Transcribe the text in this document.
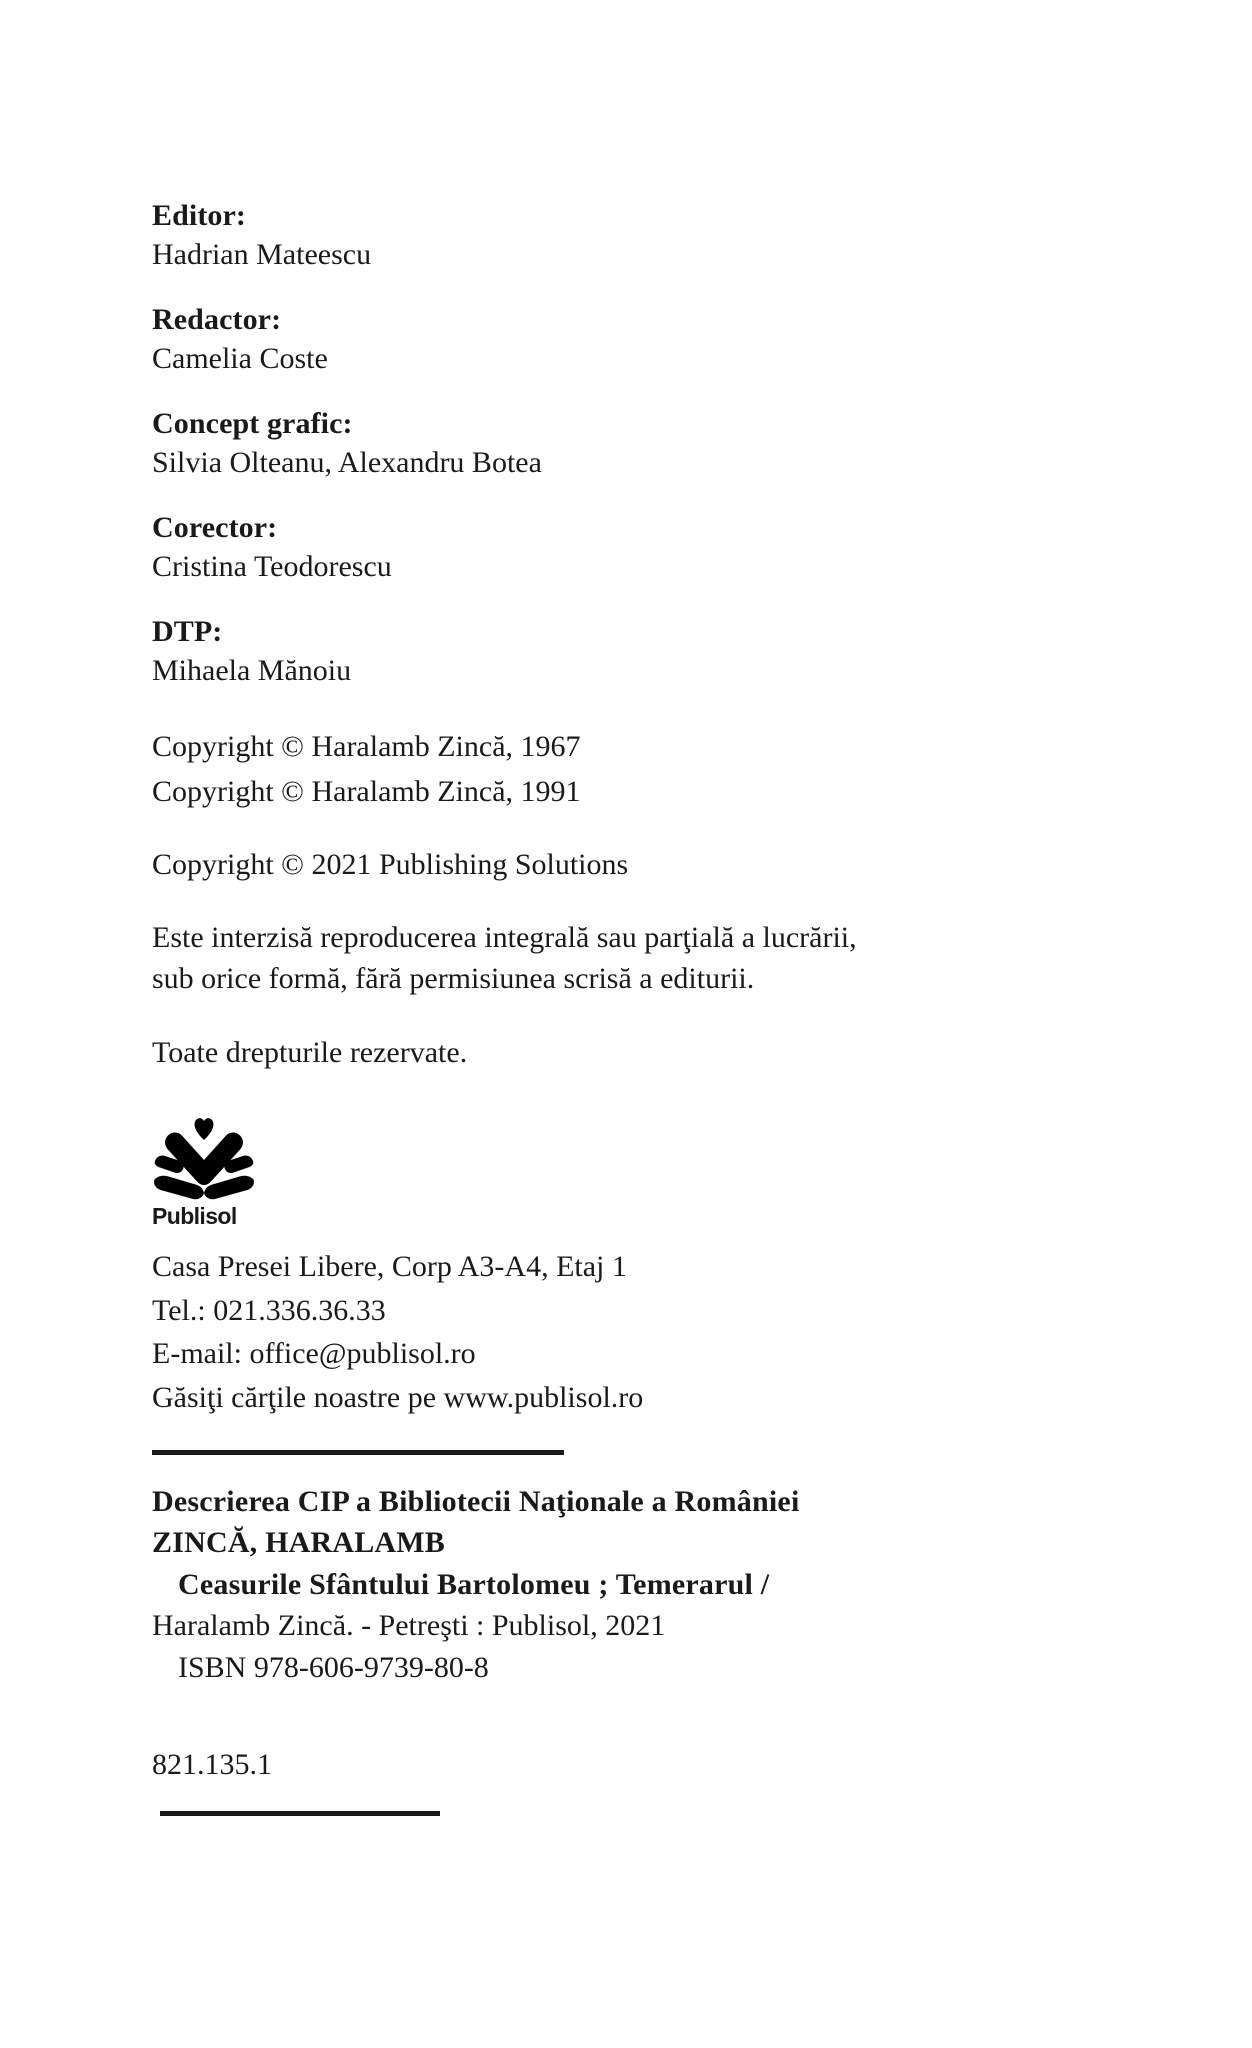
Editor:
Hadrian Mateescu
Redactor:
Camelia Coste
Concept grafic:
Silvia Olteanu, Alexandru Botea
Corector:
Cristina Teodorescu
DTP:
Mihaela Mănoiu
Copyright © Haralamb Zincă, 1967
Copyright © Haralamb Zincă, 1991
Copyright © 2021 Publishing Solutions
Este interzisă reproducerea integrală sau parţială a lucrării,
sub orice formă, fără permisiunea scrisă a editurii.
Toate drepturile rezervate.
Publisol
Casa Presei Libere, Corp A3-A4, Etaj 1
Tel.: 021.336.36.33
E-mail: office@publisol.ro
Găsiţi cărţile noastre pe www.publisol.ro
Descrierea CIP a Bibliotecii Naţionale a României
ZINCĂ, HARALAMB
Ceasurile Sfântului Bartolomeu ; Temerarul /
Haralamb Zincă. - Petreşti : Publisol, 2021
ISBN 978-606-9739-80-8
821.135.1
